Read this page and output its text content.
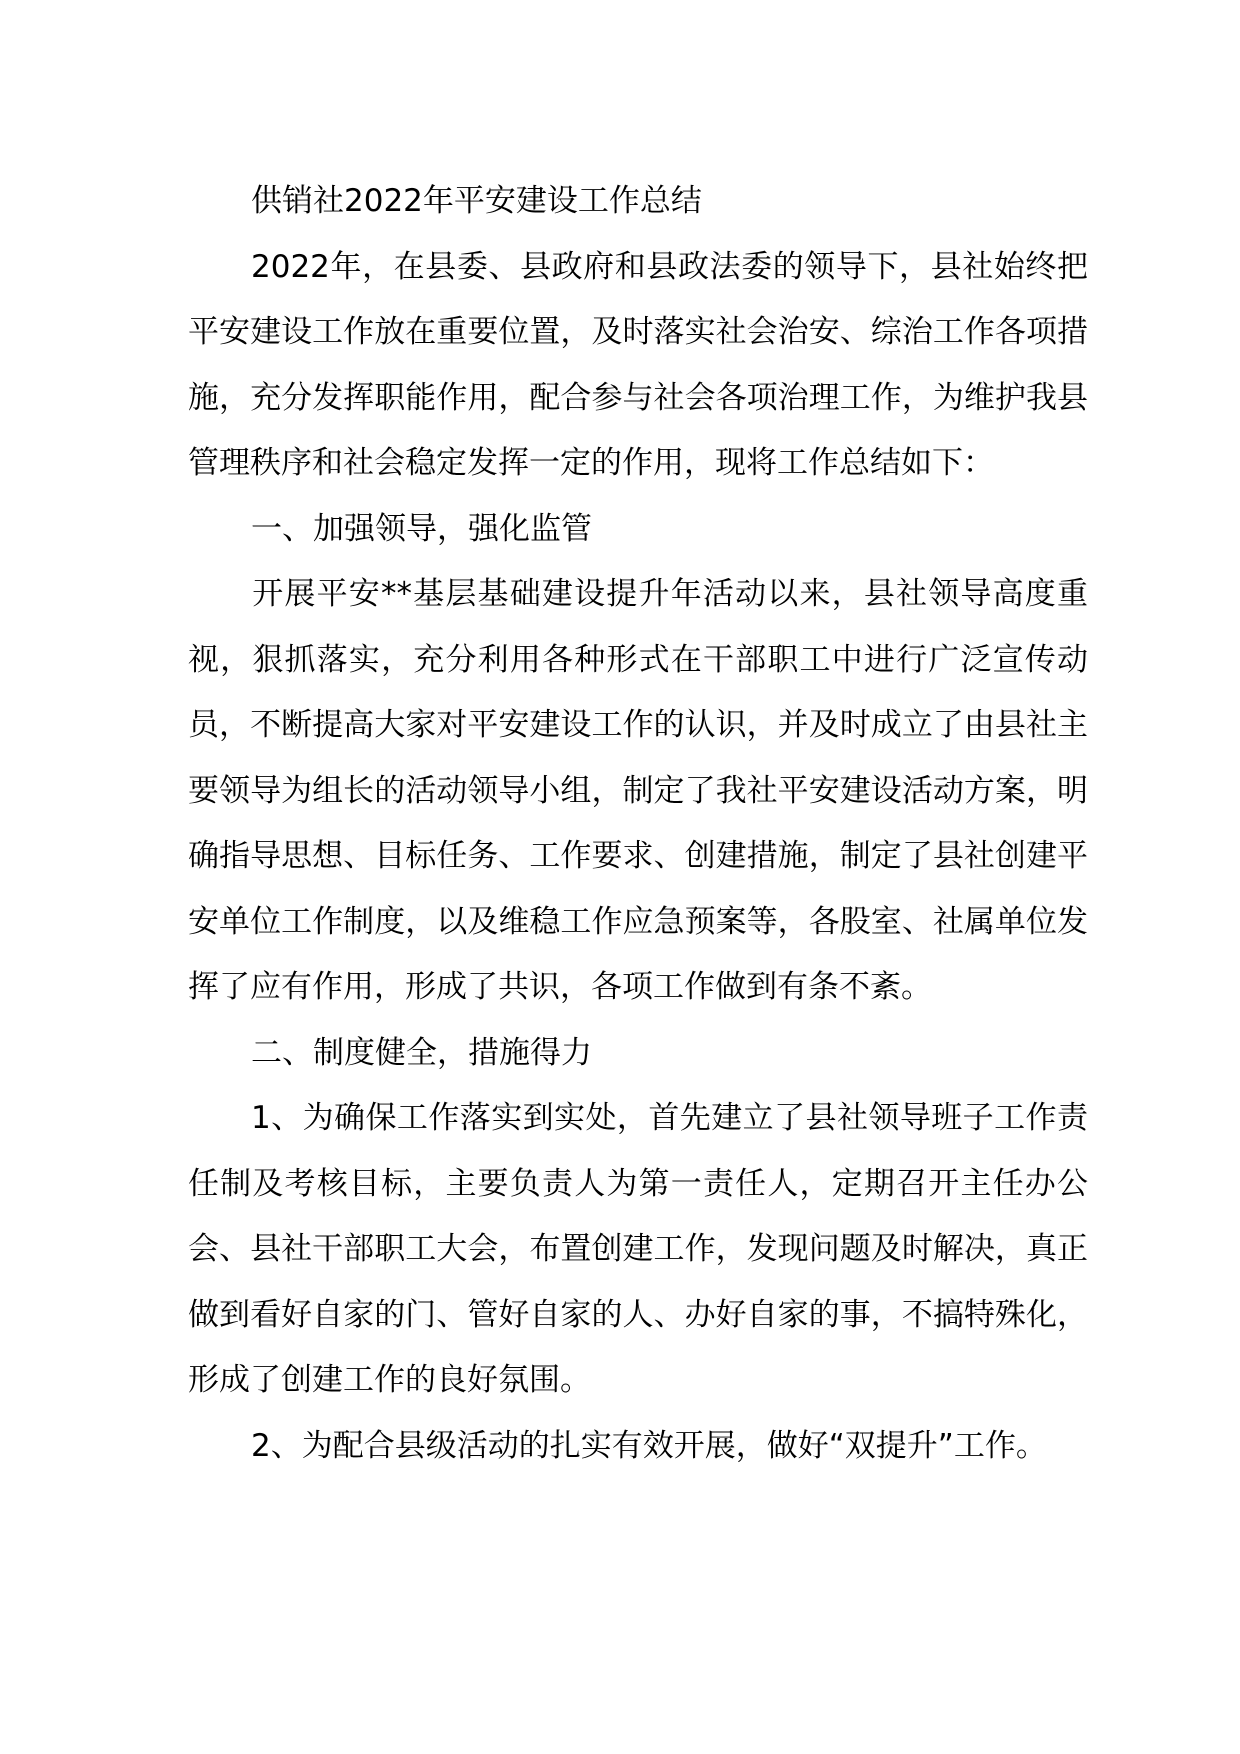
供销社2022年平安建设工作总结

2022年，在县委、县政府和县政法委的领导下，县社始终把平安建设工作放在重要位置，及时落实社会治安、综治工作各项措施，充分发挥职能作用，配合参与社会各项治理工作，为维护我县管理秩序和社会稳定发挥一定的作用，现将工作总结如下：

一、加强领导，强化监管

开展平安**基层基础建设提升年活动以来，县社领导高度重视，狠抓落实，充分利用各种形式在干部职工中进行广泛宣传动员，不断提高大家对平安建设工作的认识，并及时成立了由县社主要领导为组长的活动领导小组，制定了我社平安建设活动方案，明确指导思想、目标任务、工作要求、创建措施，制定了县社创建平安单位工作制度，以及维稳工作应急预案等，各股室、社属单位发挥了应有作用，形成了共识，各项工作做到有条不紊。

二、制度健全，措施得力

1、为确保工作落实到实处，首先建立了县社领导班子工作责任制及考核目标，主要负责人为第一责任人，定期召开主任办公会、县社干部职工大会，布置创建工作，发现问题及时解决，真正做到看好自家的门、管好自家的人、办好自家的事，不搞特殊化，形成了创建工作的良好氛围。

2、为配合县级活动的扎实有效开展，做好“双提升”工作。
